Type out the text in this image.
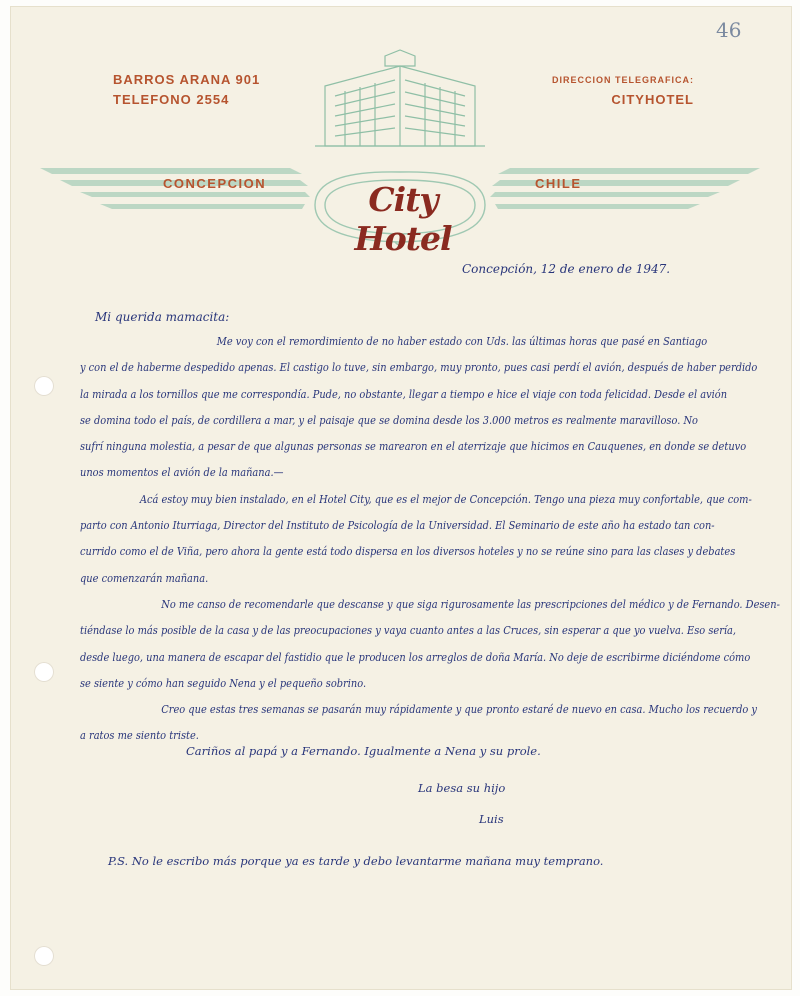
46
BARROS ARANA 901
TELEFONO 2554
DIRECCION TELEGRAFICA:
CITYHOTEL
CONCEPCION	CHILE
City Hotel
Concepción, 12 de enero de 1947.
Mi querida mamacita:
Me voy con el remordimiento de no haber estado con Uds. las últimas horas que pasé en Santiago
y con el de haberme despedido apenas. El castigo lo tuve, sin embargo, muy pronto, pues casi perdí el avión, después de haber perdido
la mirada a los tornillos que me correspondía. Pude, no obstante, llegar a tiempo e hice el viaje con toda felicidad. Desde el avión
se domina todo el país, de cordillera a mar, y el paisaje que se domina desde los 3.000 metros es realmente maravilloso. No
sufrí ninguna molestia, a pesar de que algunas personas se marearon en el aterrizaje que hicimos en Cauquenes, en donde se detuvo
unos momentos el avión de la mañana.—
Acá estoy muy bien instalado, en el Hotel City, que es el mejor de Concepción. Tengo una pieza muy confortable, que com-
parto con Antonio Iturriaga, Director del Instituto de Psicología de la Universidad. El Seminario de este año ha estado tan con-
currido como el de Viña, pero ahora la gente está todo dispersa en los diversos hoteles y no se reúne sino para las clases y debates
que comenzarán mañana.
No me canso de recomendarle que descanse y que siga rigurosamente las prescripciones del médico y de Fernando. Desen-
tiéndase lo más posible de la casa y de las preocupaciones y vaya cuanto antes a las Cruces, sin esperar a que yo vuelva. Eso sería,
desde luego, una manera de escapar del fastidio que le producen los arreglos de doña María. No deje de escribirme diciéndome cómo
se siente y cómo han seguido Nena y el pequeño sobrino.
Creo que estas tres semanas se pasarán muy rápidamente y que pronto estaré de nuevo en casa. Mucho los recuerdo y
a ratos me siento triste.
Cariños al papá y a Fernando. Igualmente a Nena y su prole.
La besa su hijo
Luis
P.S. No le escribo más porque ya es tarde y debo levantarme mañana muy temprano.
